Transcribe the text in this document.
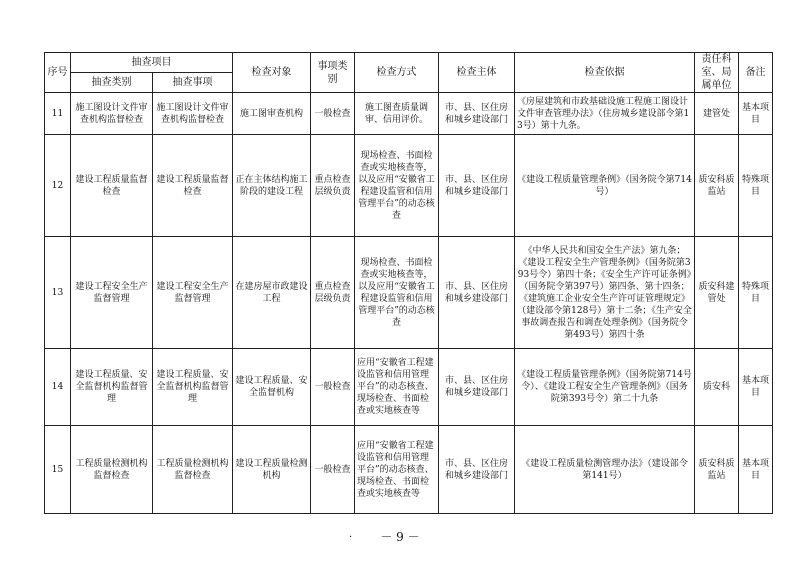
序号	抽查项目		检查对象	事项类别	检查方式	检查主体	检查依据	责任科室、局属单位	备注
	抽查类别	抽查事项							
11	施工图设计文件审查机构监督检查	施工图设计文件审查机构监督检查	施工图审查机构	一般检查	施工图查质量调审、信用评价。	市、县、区住房和城乡建设部门	《房屋建筑和市政基础设施工程施工图设计文件审查管理办法》（住房城乡建设部令第13号）第十九条。	建管处	基本项目
12	建设工程质量监督检查	建设工程质量监督检查	正在主体结构施工阶段的建设工程	重点检查层级负责	现场检查、书面检查或实地核查等，以及应用“安徽省工程建设监管和信用管理平台”的动态核查	市、县、区住房和城乡建设部门	《建设工程质量管理条例》（国务院令第714号）	质安科质监站	特殊项目
13	建设工程安全生产监督管理	建设工程安全生产监督管理	在建房屋市政建设工程	重点检查层级负责	现场检查、书面检查或实地核查等，以及应用“安徽省工程建设监管和信用管理平台”的动态核查	市、县、区住房和城乡建设部门	《中华人民共和国安全生产法》第九条；《建设工程安全生产管理条例》（国务院第393号令）第四十条；《安全生产许可证条例》（国务院令第397号）第四条、第十四条；《建筑施工企业安全生产许可证管理规定》（建设部令第128号）第十二条；《生产安全事故调查报告和调查处理条例》（国务院令第493号）第四十条	质安科建管处	特殊项目
14	建设工程质量、安全监督机构监督管理	建设工程质量、安全监督机构监督管理	建设工程质量、安全监督机构	一般检查	应用“安徽省工程建设监管和信用管理平台”的动态核查、现场检查、书面检查或实地核查等	市、县、区住房和城乡建设部门	《建设工程质量管理条例》（国务院第714号令）、《建设工程安全生产管理条例》（国务院第393号令）第二十九条	质安科	基本项目
15	工程质量检测机构监督检查	工程质量检测机构监督检查	建设工程质量检测机构	一般检查	应用“安徽省工程建设监管和信用管理平台”的动态核查、现场检查、书面检查或实地核查等	市、县、区住房和城乡建设部门	《建设工程质量检测管理办法》（建设部令第141号）	质安科质监站	基本项目
·	－ 9 －
